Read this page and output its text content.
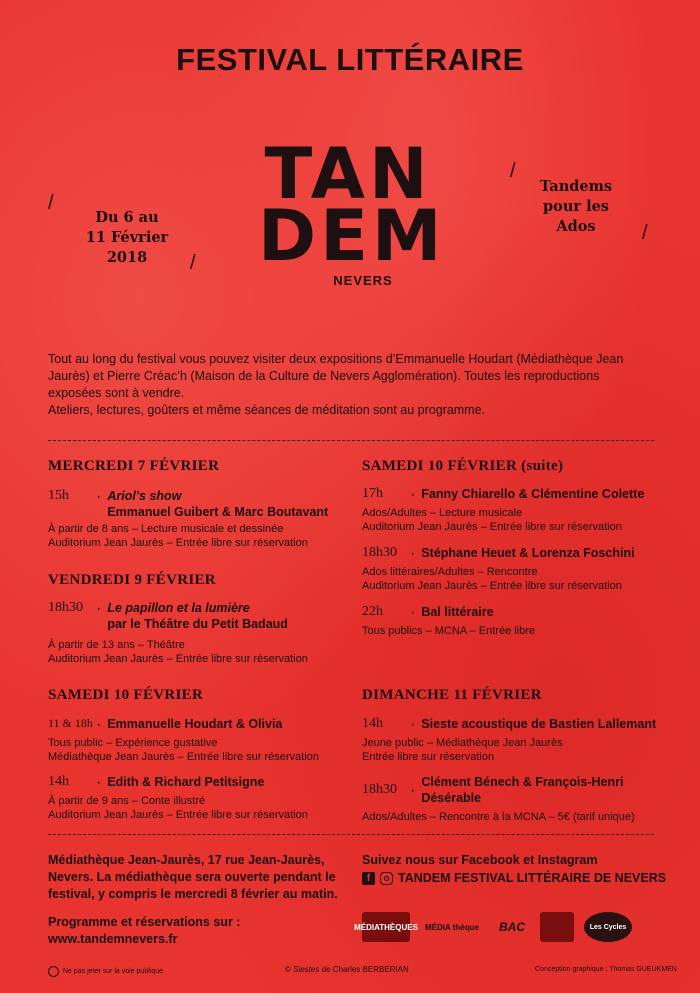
FESTIVAL LITTÉRAIRE
/
/
/
/
Du 6 au
11 Février
2018
Tandems
pour les
Ados
TAN
DEM
NEVERS

Tout au long du festival vous pouvez visiter deux expositions d’Emmanuelle Houdart (Médiathèque Jean Jaurès) et Pierre Créac’h (Maison de la Culture de Nevers Agglomération). Toutes les reproductions exposées sont à vendre.

Ateliers, lectures, goûters et même séances de méditation sont au programme.

MERCREDI 7 FÉVRIER
15h	· Ariol’s show
Emmanuel Guibert & Marc Boutavant
À partir de 8 ans – Lecture musicale et dessinée
Auditorium Jean Jaurès – Entrée libre sur réservation
VENDREDI 9 FÉVRIER
18h30 · Le papillon et la lumière
par le Théâtre du Petit Badaud
À partir de 13 ans – Théâtre
Auditorium Jean Jaurès – Entrée libre sur réservation
SAMEDI 10 FÉVRIER
11 & 18h · Emmanuelle Houdart & Olivia
Tous public – Expérience gustative
Médiathèque Jean Jaurès – Entrée libre sur réservation
14h	· Edith & Richard Petitsigne
À partir de 9 ans – Conte illustré
Auditorium Jean Jaurès – Entrée libre sur réservation
SAMEDI 10 FÉVRIER (suite)
17h	· Fanny Chiarello & Clémentine Colette
Ados/Adultes – Lecture musicale
Auditorium Jean Jaurès – Entrée libre sur réservation
18h30 · Stéphane Heuet & Lorenza Foschini
Ados littéraires/Adultes – Rencontre
Auditorium Jean Jaurès – Entrée libre sur réservation
22h	· Bal littéraire
Tous publics – MCNA – Entrée libre
DIMANCHE 11 FÉVRIER
14h	· Sieste acoustique de Bastien Lallemant
Jeune public – Médiathèque Jean Jaurès
Entrée libre sur réservation
18h30 · Clément Bénech & François-Henri
Désérable
Ados/Adultes – Rencontre à la MCNA – 5€ (tarif unique)
Médiathèque Jean-Jaurès, 17 rue Jean-Jaurès,
Nevers. La médiathèque sera ouverte pendant le
festival, y compris le mercredi 8 février au matin.
Programme et réservations sur :
www.tandemnevers.fr
Suivez nous sur Facebook et Instagram
f	TANDEM FESTIVAL LITTÉRAIRE DE NEVERS
MÉDIATHÈQUES MÉDIA thèque	BAC	Les Cycles
Ne pas jeter sur la voie publique	© Siestes de Charles BERBERIAN	Conception graphique : Thomas GUEUKMEN
